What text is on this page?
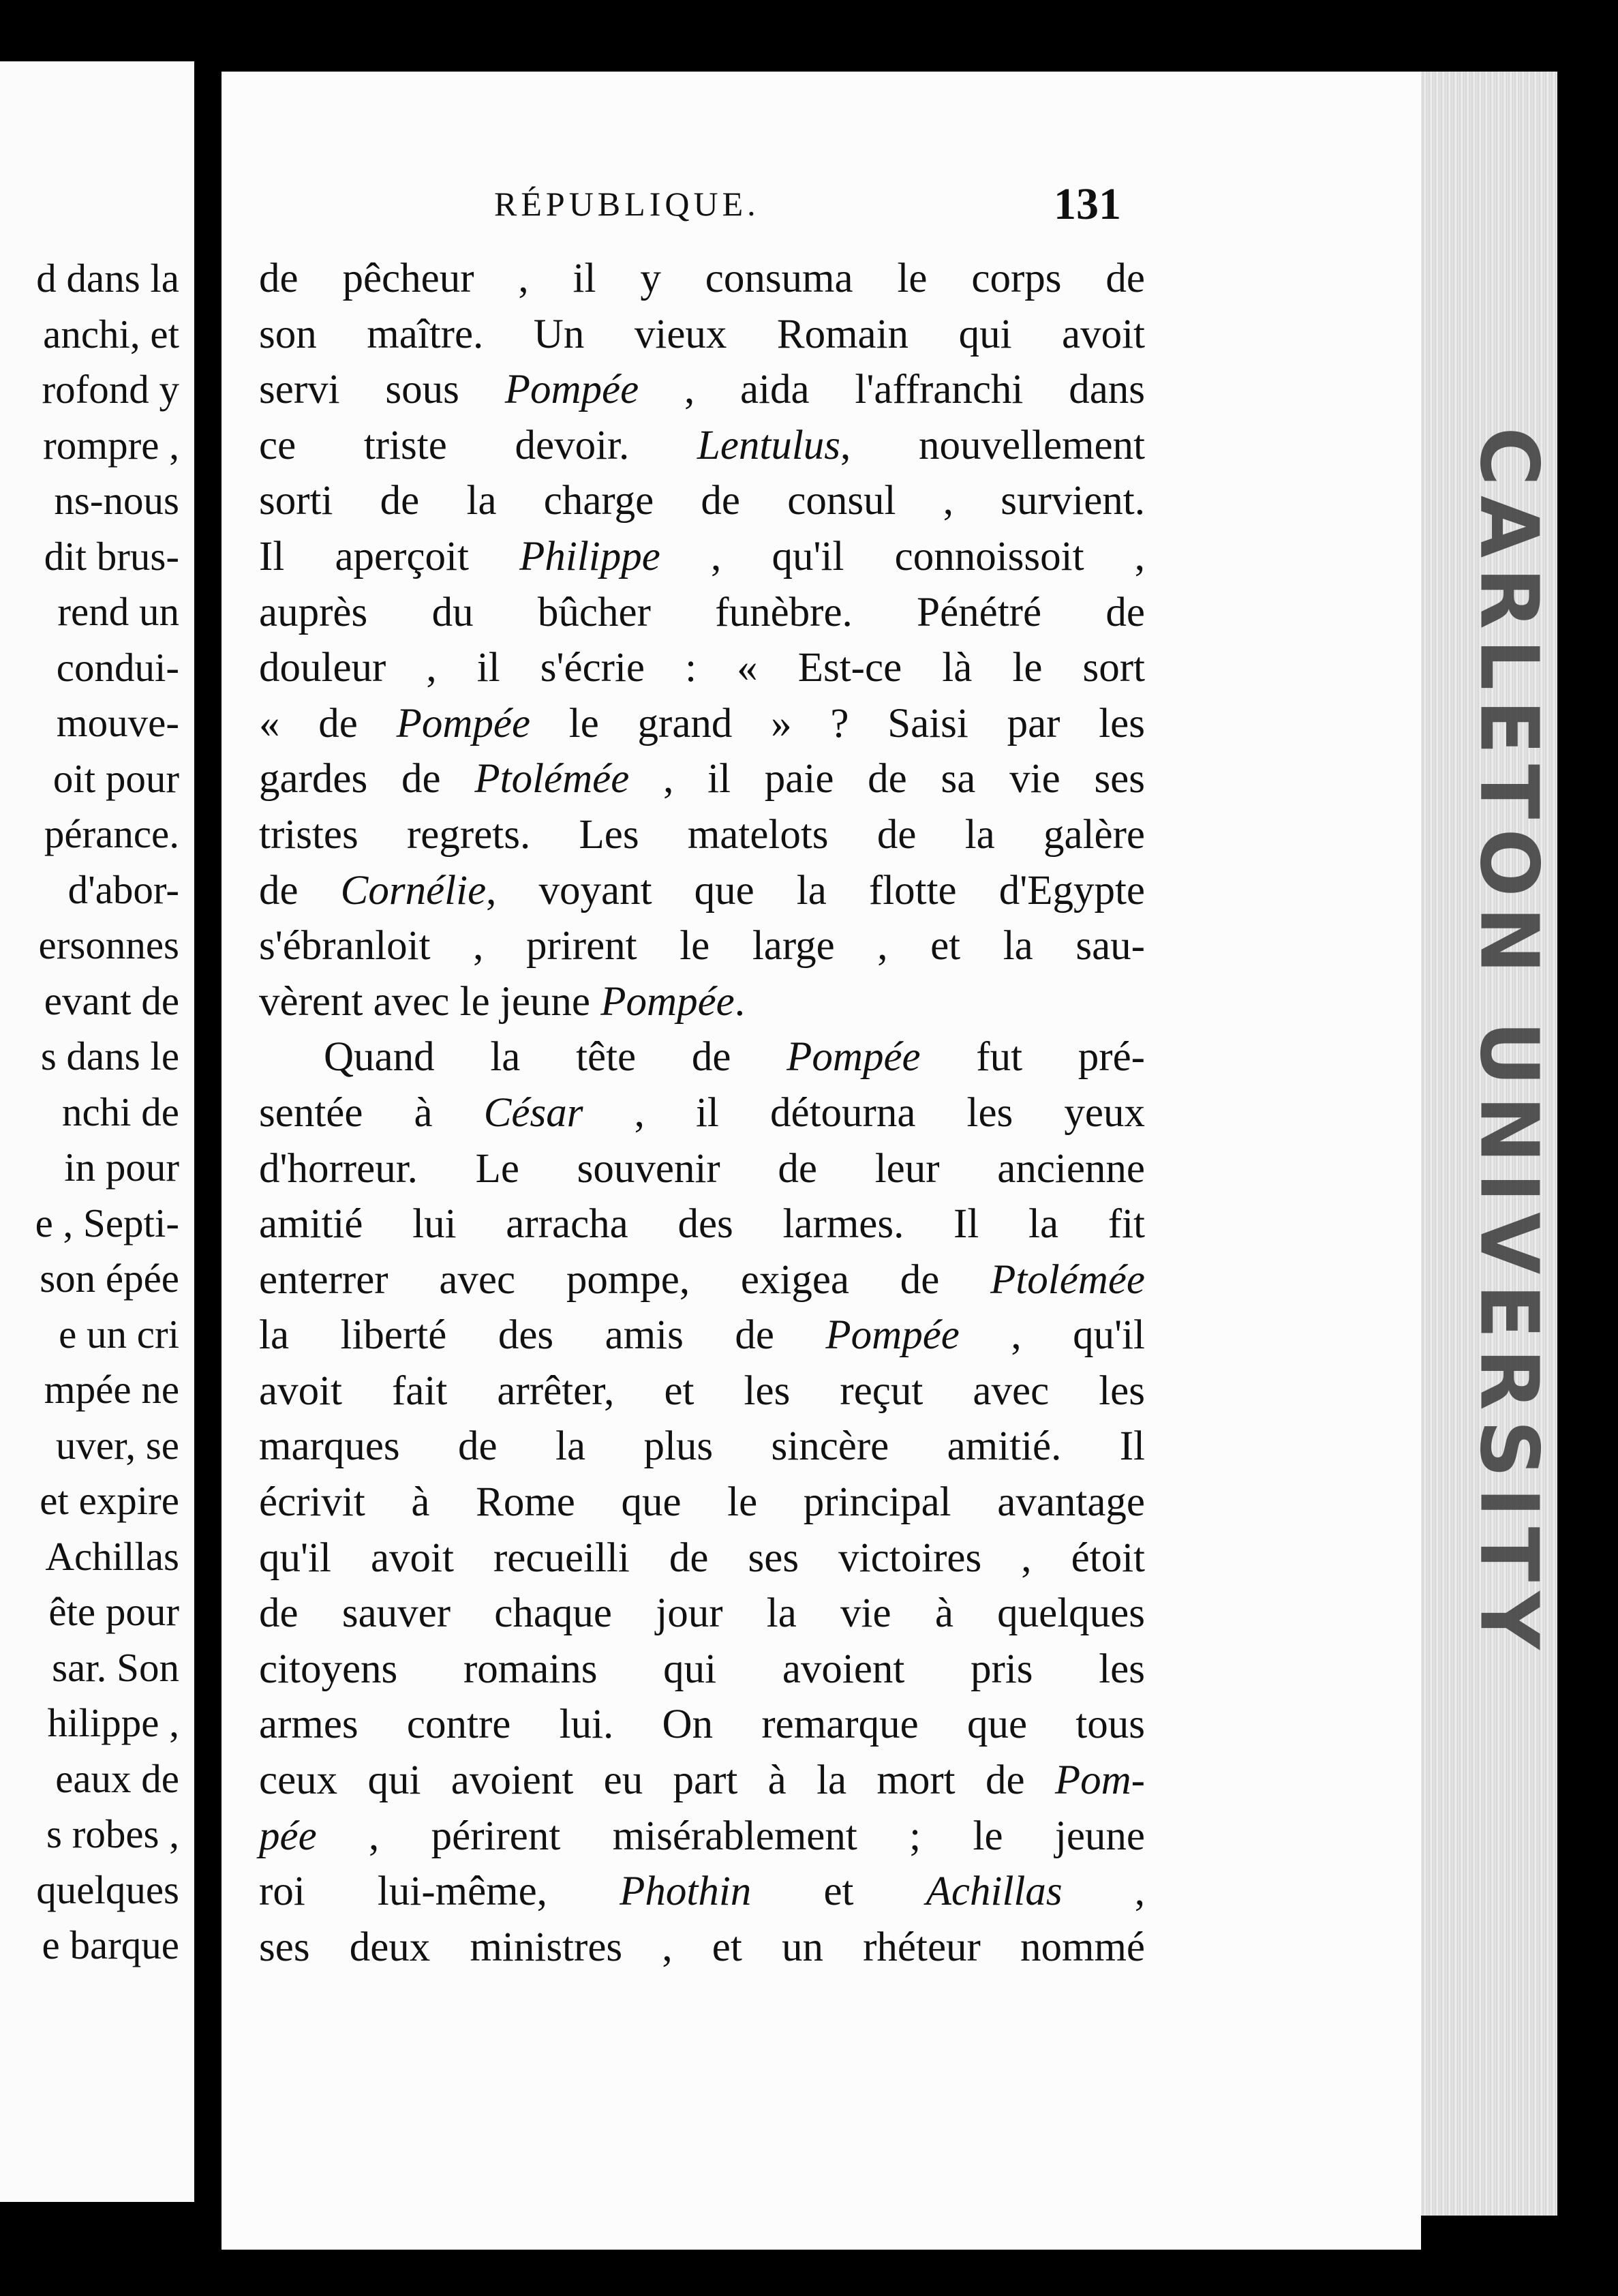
d dans la
anchi, et
rofond y
rompre ,
ns-nous
dit brus-
rend un
condui-
mouve-
oit pour
pérance.
d'abor-
ersonnes
evant de
s dans le
nchi de
in pour
e , Septi-
son épée
e un cri
mpée ne
uver, se
et expire
Achillas
ête pour
sar. Son
hilippe ,
eaux de
s robes ,
quelques
e barque
CARLETON UNIVERSITY
RÉPUBLIQUE.	131
de pêcheur , il y consuma le corps de
son maître. Un vieux Romain qui avoit
servi sous Pompée , aida l'affranchi dans
ce triste devoir. Lentulus, nouvellement
sorti de la charge de consul , survient.
Il aperçoit Philippe , qu'il connoissoit ,
auprès du bûcher funèbre. Pénétré de
douleur , il s'écrie : « Est-ce là le sort
« de Pompée le grand » ? Saisi par les
gardes de Ptolémée , il paie de sa vie ses
tristes regrets. Les matelots de la galère
de Cornélie, voyant que la flotte d'Egypte
s'ébranloit , prirent le large , et la sau-
vèrent avec le jeune Pompée.
Quand la tête de Pompée fut pré-
sentée à César , il détourna les yeux
d'horreur. Le souvenir de leur ancienne
amitié lui arracha des larmes. Il la fit
enterrer avec pompe, exigea de Ptolémée
la liberté des amis de Pompée , qu'il
avoit fait arrêter, et les reçut avec les
marques de la plus sincère amitié. Il
écrivit à Rome que le principal avantage
qu'il avoit recueilli de ses victoires , étoit
de sauver chaque jour la vie à quelques
citoyens romains qui avoient pris les
armes contre lui. On remarque que tous
ceux qui avoient eu part à la mort de Pom-
pée , périrent misérablement ; le jeune
roi lui-même, Phothin et Achillas ,
ses deux ministres , et un rhéteur nommé
